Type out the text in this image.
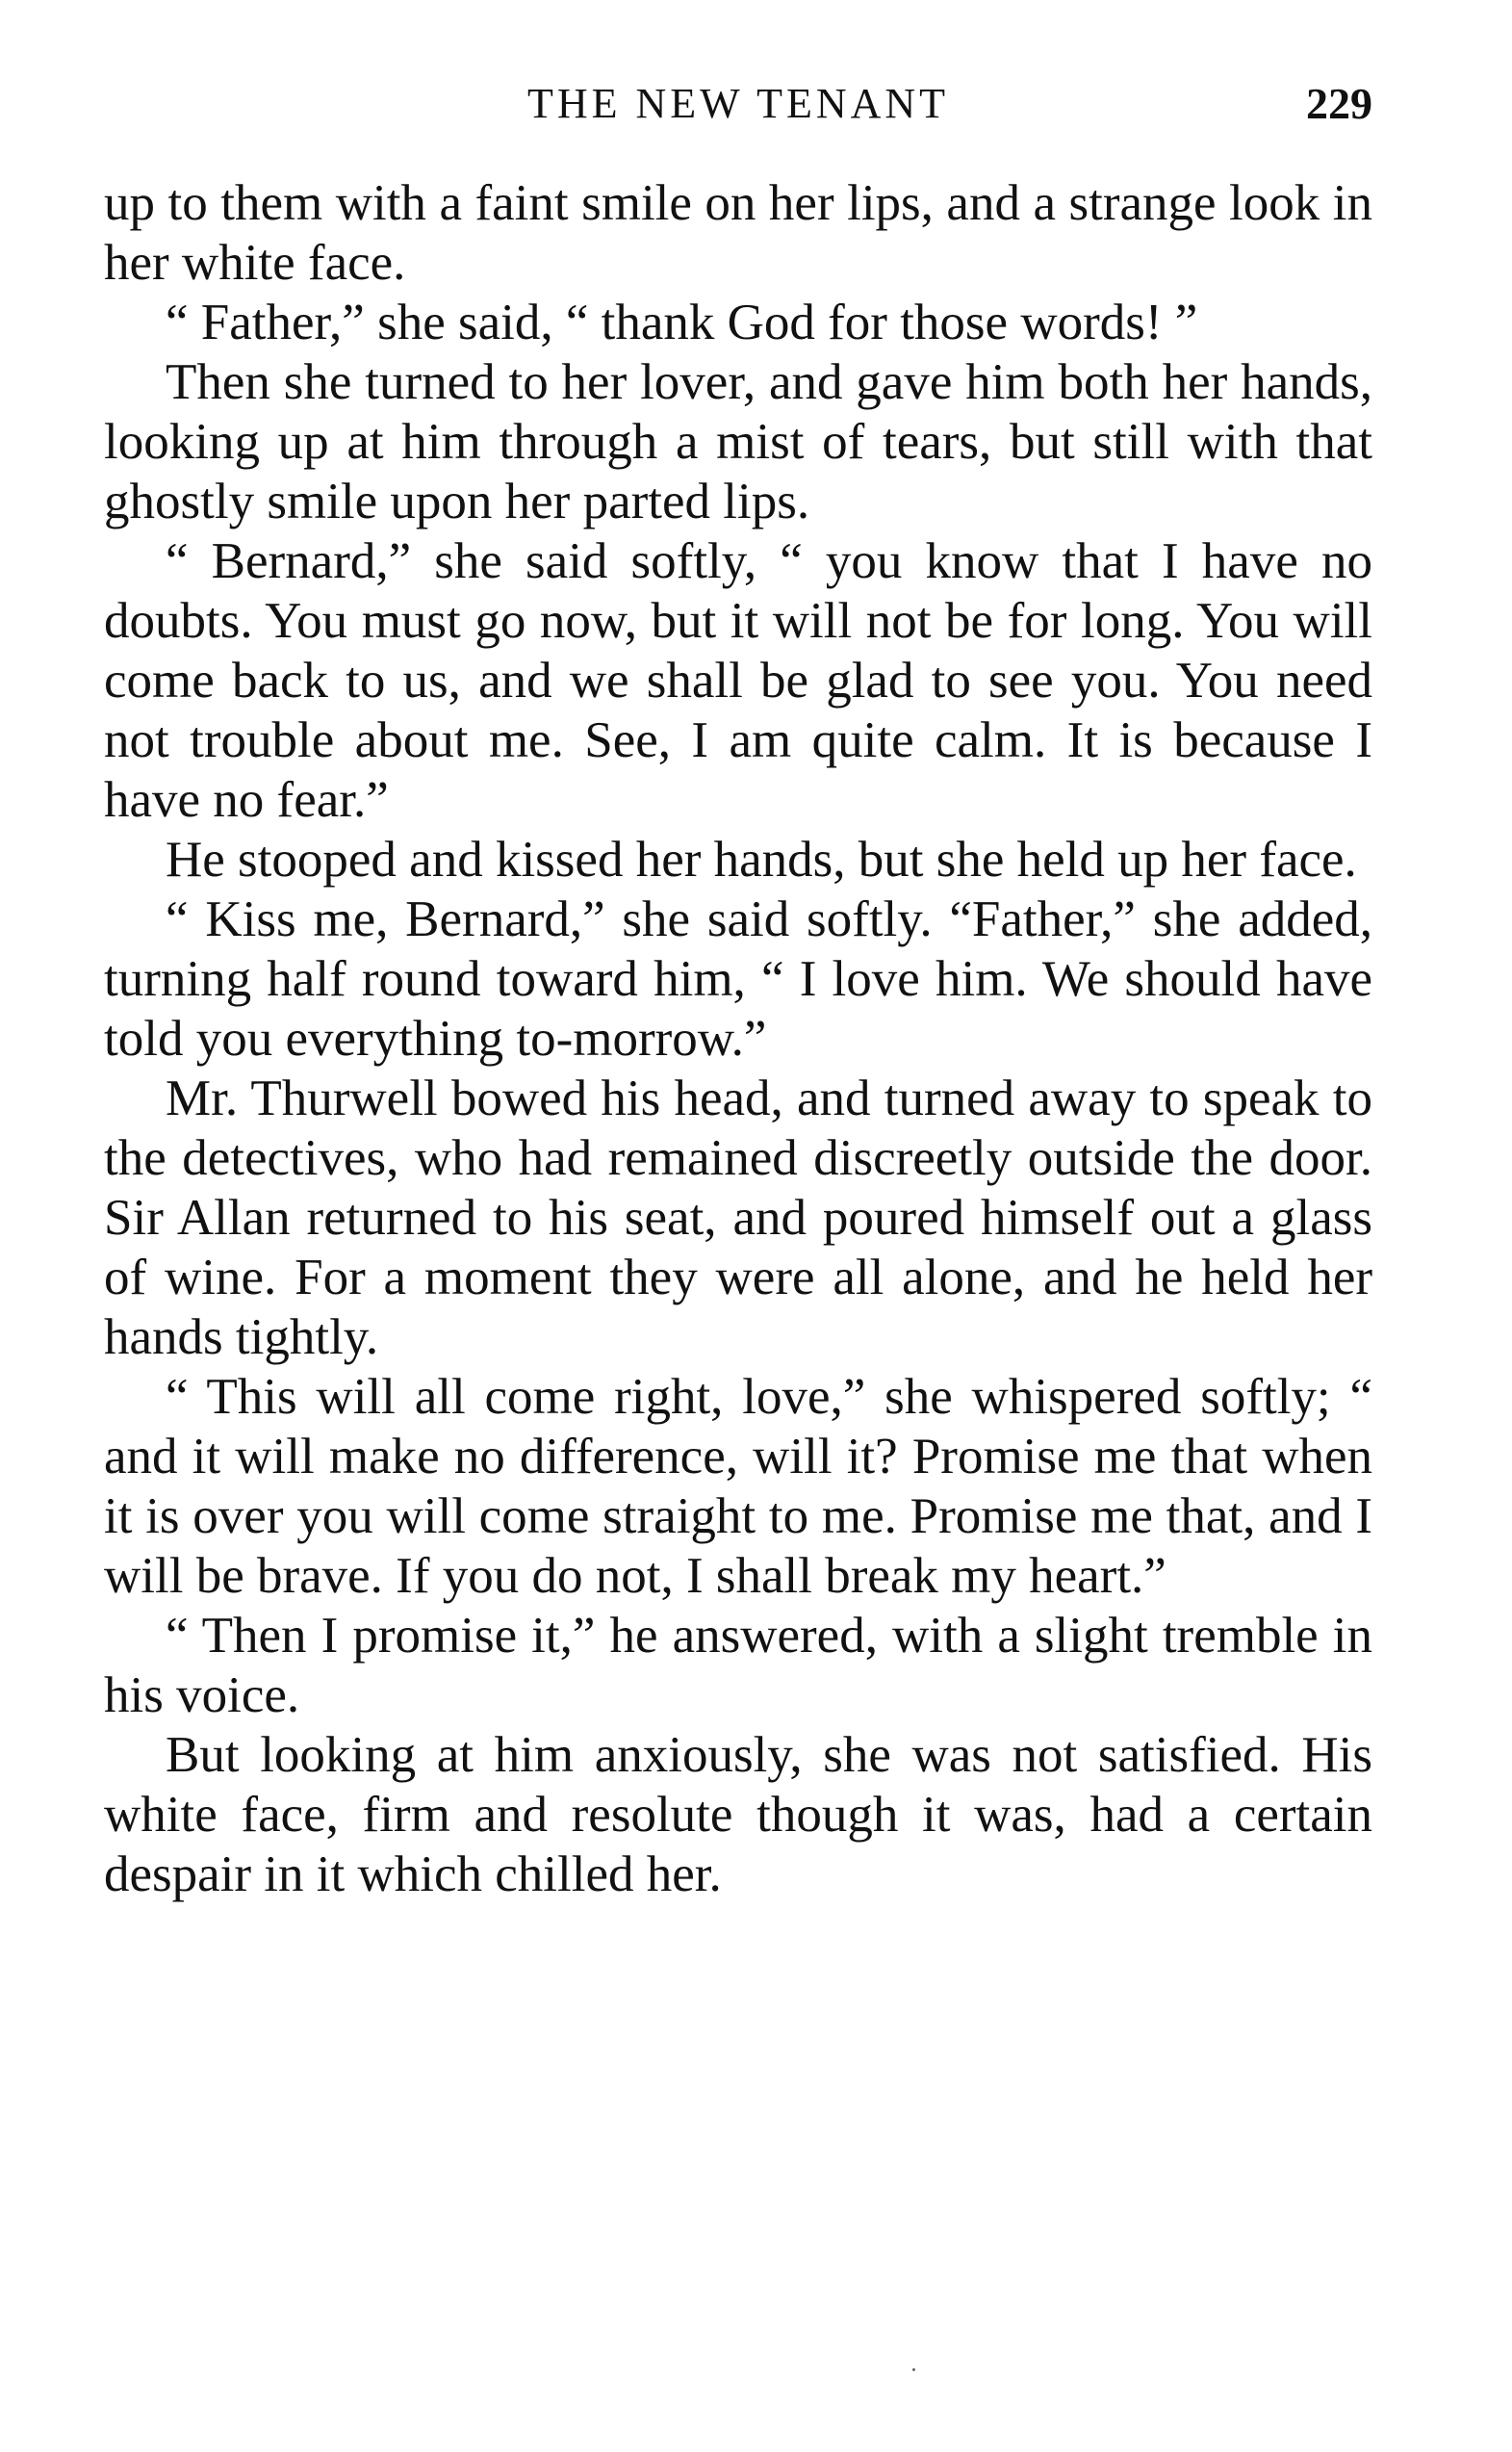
THE NEW TENANT	229

up to them with a faint smile on her lips, and a strange look in her white face.

“ Father,” she said, “ thank God for those words! ”

Then she turned to her lover, and gave him both her hands, looking up at him through a mist of tears, but still with that ghostly smile upon her parted lips.

“ Bernard,” she said softly, “ you know that I have no doubts. You must go now, but it will not be for long. You will come back to us, and we shall be glad to see you. You need not trouble about me. See, I am quite calm. It is because I have no fear.”

He stooped and kissed her hands, but she held up her face.

“ Kiss me, Bernard,” she said softly. “Father,” she added, turning half round toward him, “ I love him. We should have told you everything to-morrow.”

Mr. Thurwell bowed his head, and turned away to speak to the detectives, who had remained discreetly outside the door. Sir Allan returned to his seat, and poured himself out a glass of wine. For a moment they were all alone, and he held her hands tightly.

“ This will all come right, love,” she whispered softly; “ and it will make no difference, will it? Promise me that when it is over you will come straight to me. Promise me that, and I will be brave. If you do not, I shall break my heart.”

“ Then I promise it,” he answered, with a slight tremble in his voice.

But looking at him anxiously, she was not satisfied. His white face, firm and resolute though it was, had a certain despair in it which chilled her.
